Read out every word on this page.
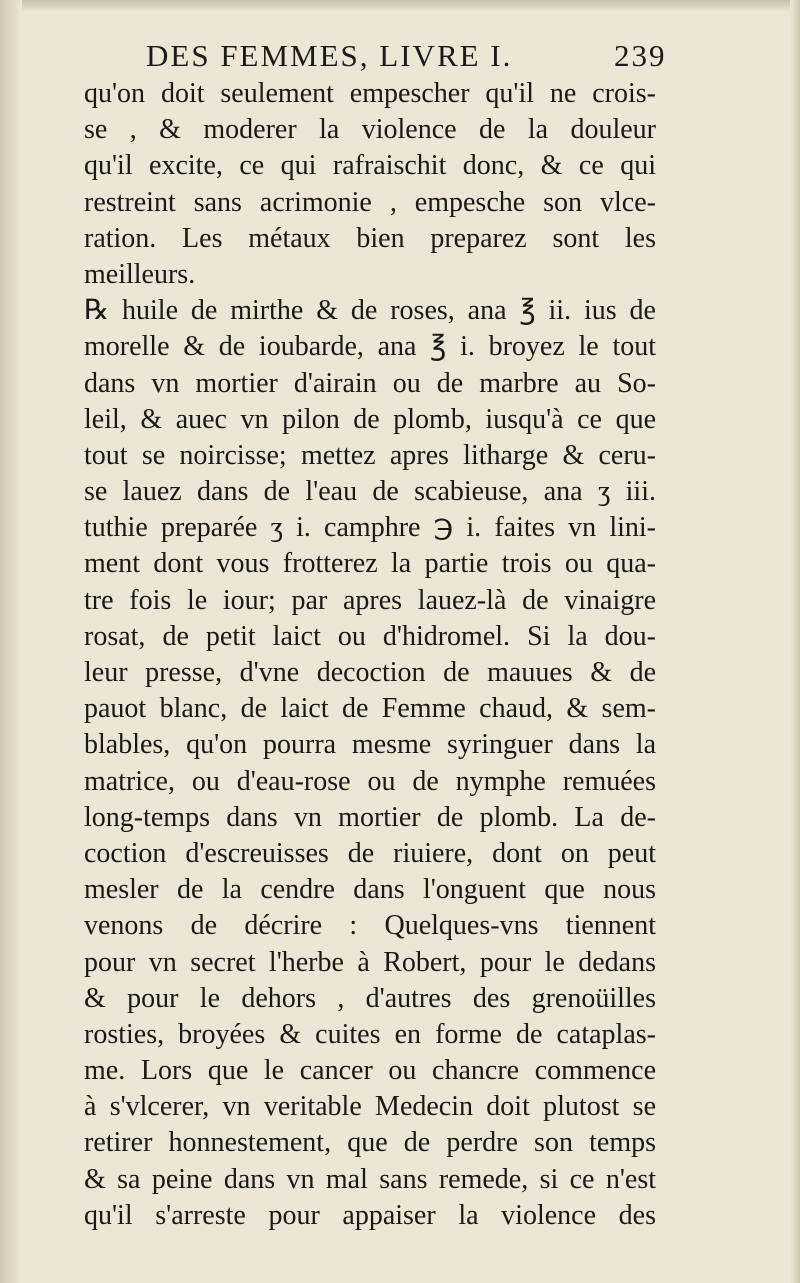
DES FEMMES, LIVRE I.	239
qu'on doit seulement empescher qu'il ne crois-
se , & moderer la violence de la douleur
qu'il excite, ce qui rafraischit donc, & ce qui
restreint sans acrimonie , empesche son vlce-
ration. Les métaux bien preparez sont les
meilleurs.
℞ huile de mirthe & de roses, ana ℥ ii. ius de
morelle & de ioubarde, ana ℥ i. broyez le tout
dans vn mortier d'airain ou de marbre au So-
leil, & auec vn pilon de plomb, iusqu'à ce que
tout se noircisse; mettez apres litharge & ceru-
se lauez dans de l'eau de scabieuse, ana ʒ iii.
tuthie preparée ʒ i. camphre ℈ i. faites vn lini-
ment dont vous frotterez la partie trois ou qua-
tre fois le iour; par apres lauez-là de vinaigre
rosat, de petit laict ou d'hidromel. Si la dou-
leur presse, d'vne decoction de mauues & de
pauot blanc, de laict de Femme chaud, & sem-
blables, qu'on pourra mesme syringuer dans la
matrice, ou d'eau-rose ou de nymphe remuées
long-temps dans vn mortier de plomb. La de-
coction d'escreuisses de riuiere, dont on peut
mesler de la cendre dans l'onguent que nous
venons de décrire : Quelques-vns tiennent
pour vn secret l'herbe à Robert, pour le dedans
& pour le dehors , d'autres des grenoüilles
rosties, broyées & cuites en forme de cataplas-
me. Lors que le cancer ou chancre commence
à s'vlcerer, vn veritable Medecin doit plutost se
retirer honnestement, que de perdre son temps
& sa peine dans vn mal sans remede, si ce n'est
qu'il s'arreste pour appaiser la violence des
